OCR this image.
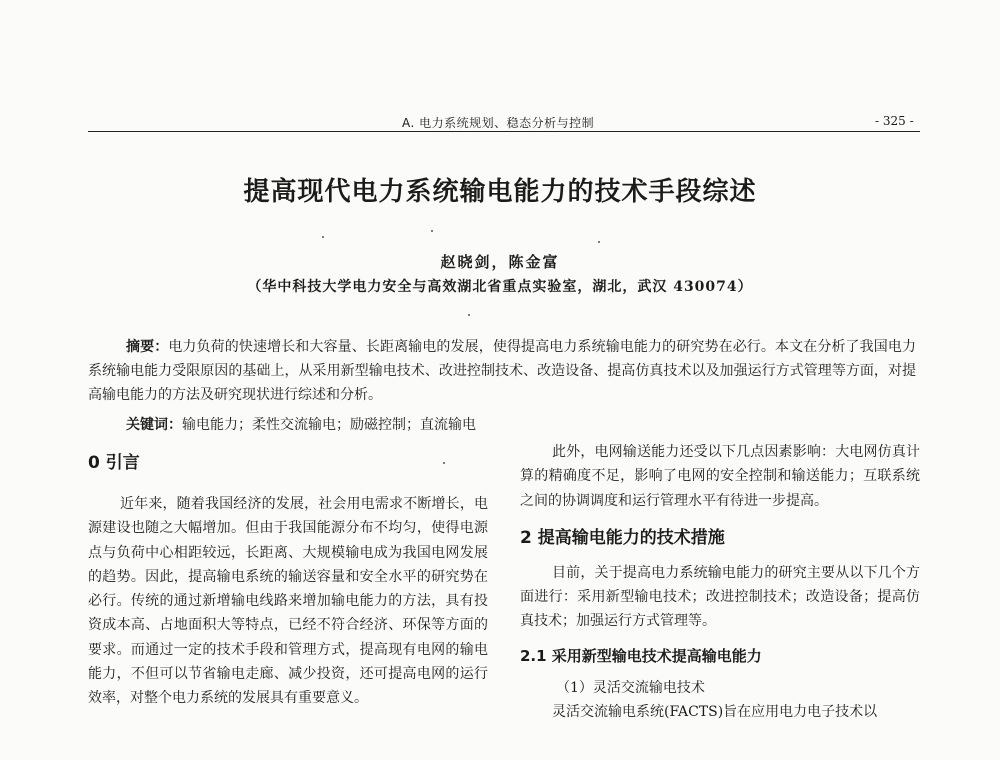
A. 电力系统规划、稳态分析与控制	- 325 -
提高现代电力系统输电能力的技术手段综述
赵晓剑，陈金富
（华中科技大学电力安全与高效湖北省重点实验室，湖北，武汉 430074）
摘要：电力负荷的快速增长和大容量、长距离输电的发展，使得提高电力系统输电能力的研究势在必行。本文在分析了我国电力系统输电能力受限原因的基础上，从采用新型输电技术、改进控制技术、改造设备、提高仿真技术以及加强运行方式管理等方面，对提高输电能力的方法及研究现状进行综述和分析。
关键词：输电能力；柔性交流输电；励磁控制；直流输电
0 引言

近年来，随着我国经济的发展，社会用电需求不断增长，电源建设也随之大幅增加。但由于我国能源分布不均匀，使得电源点与负荷中心相距较远，长距离、大规模输电成为我国电网发展的趋势。因此，提高输电系统的输送容量和安全水平的研究势在必行。传统的通过新增输电线路来增加输电能力的方法，具有投资成本高、占地面积大等特点，已经不符合经济、环保等方面的要求。而通过一定的技术手段和管理方式，提高现有电网的输电能力，不但可以节省输电走廊、减少投资，还可提高电网的运行效率，对整个电力系统的发展具有重要意义。

此外，电网输送能力还受以下几点因素影响：大电网仿真计算的精确度不足，影响了电网的安全控制和输送能力；互联系统之间的协调调度和运行管理水平有待进一步提高。

2 提高输电能力的技术措施

目前，关于提高电力系统输电能力的研究主要从以下几个方面进行：采用新型输电技术；改进控制技术；改造设备；提高仿真技术；加强运行方式管理等。

2.1 采用新型输电技术提高输电能力
（1）灵活交流输电技术

灵活交流输电系统(FACTS)旨在应用电力电子技术以
